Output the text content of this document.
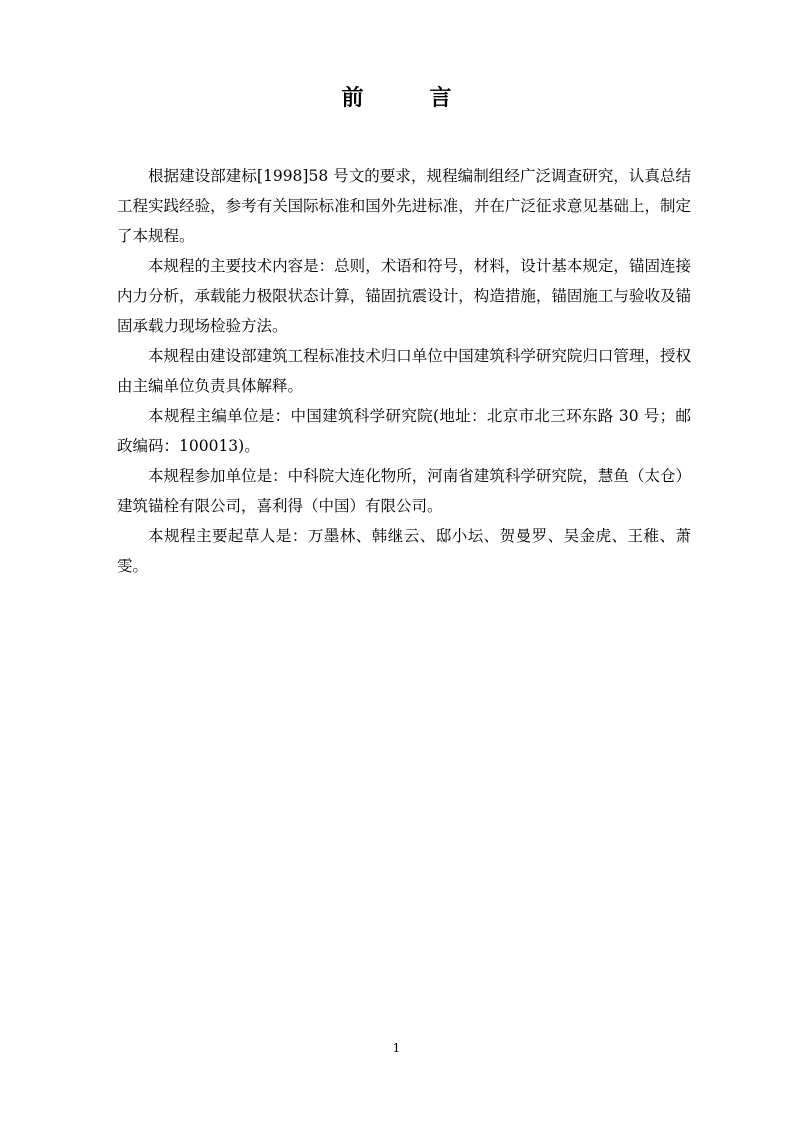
前言

根据建设部建标[1998]58 号文的要求，规程编制组经广泛调查研究，认真总结工程实践经验，参考有关国际标准和国外先进标准，并在广泛征求意见基础上，制定了本规程。

本规程的主要技术内容是：总则，术语和符号，材料，设计基本规定，锚固连接内力分析，承载能力极限状态计算，锚固抗震设计，构造措施，锚固施工与验收及锚固承载力现场检验方法。

本规程由建设部建筑工程标准技术归口单位中国建筑科学研究院归口管理，授权由主编单位负责具体解释。

本规程主编单位是：中国建筑科学研究院(地址：北京市北三环东路 30 号；邮政编码：100013)。

本规程参加单位是：中科院大连化物所，河南省建筑科学研究院，慧鱼（太仓）建筑锚栓有限公司，喜利得（中国）有限公司。

本规程主要起草人是：万墨林、韩继云、邸小坛、贺曼罗、吴金虎、王稚、萧雯。

1
